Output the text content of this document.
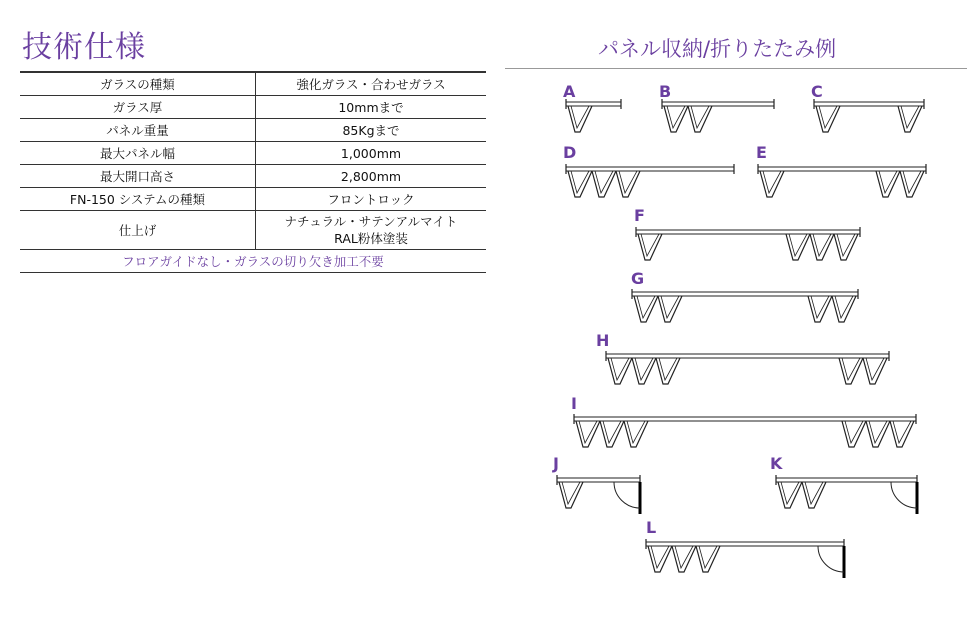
技術仕様
ガラスの種類	強化ガラス・合わせガラス
ガラス厚	10mmまで
パネル重量	85Kgまで
最大パネル幅	1,000mm
最大開口高さ	2,800mm
FN-150 システムの種類	フロントロック
仕上げ	ナチュラル・サテンアルマイト
RAL粉体塗装

フロアガイドなし・ガラスの切り欠き加工不要	
パネル収納/折りたたみ例
A	B	C
D	E
F
G
H
I
J	K
L
